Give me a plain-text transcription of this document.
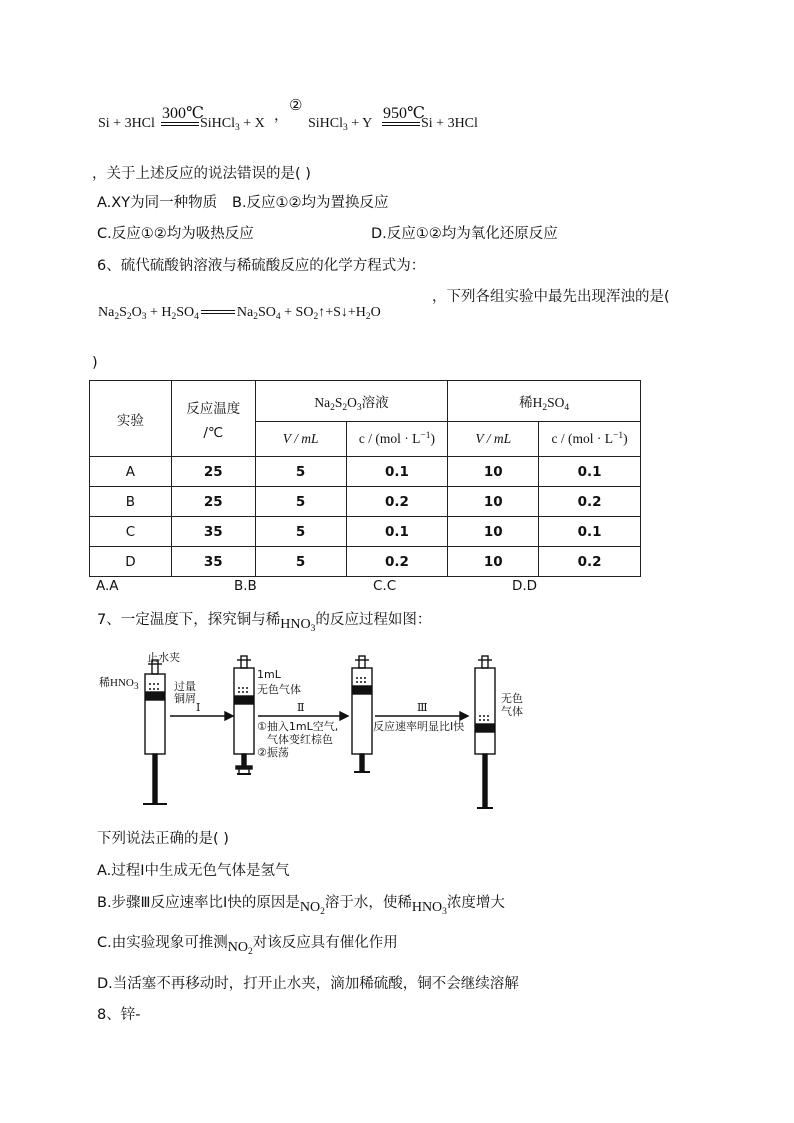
Si + 3HCl
300℃
SiHCl$_3$ + X ，
②
SiHCl$_3$ + Y
950℃
Si + 3HCl
，关于上述反应的说法错误的是( )
A.XY为同一种物质 B.反应①②均为置换反应
C.反应①②均为吸热反应	D.反应①②均为氧化还原反应
6、硫代硫酸钠溶液与稀硫酸反应的化学方程式为：
，下列各组实验中最先出现浑浊的是(
$Na_2S_2O_3 + H_2SO_4$	$Na_2SO_4$ + $SO_2↑+S↓+H_2O$
)
实验	反应温度
/℃	$Na_2S_2O_3$溶液		稀$H_2SO_4$
		V / mL	$c / (mol \cdot L^{-1})$	V / mL	$c / (mol \cdot L^{-1})$
A	25	5	0.1	10	0.1
B	25	5	0.2	10	0.2
C	35	5	0.1	10	0.1
D	35	5	0.2	10	0.2
A.A	B.B	C.C	D.D
7、一定温度下，探究铜与稀$HNO_3$的反应过程如图：
止水夹
稀$HNO_3$	过量
铜屑
Ⅰ
1mL
无色气体
Ⅱ
①抽入1mL空气,
气体变红棕色
②振荡
Ⅲ
反应速率明显比Ⅰ快
无色
气体
下列说法正确的是( )
A.过程Ⅰ中生成无色气体是氢气
B.步骤Ⅲ反应速率比Ⅰ快的原因是$NO_2$溶于水，使稀$HNO_3$浓度增大
C.由实验现象可推测$NO_2$对该反应具有催化作用
D.当活塞不再移动时，打开止水夹，滴加稀硫酸，铜不会继续溶解
8、锌-
